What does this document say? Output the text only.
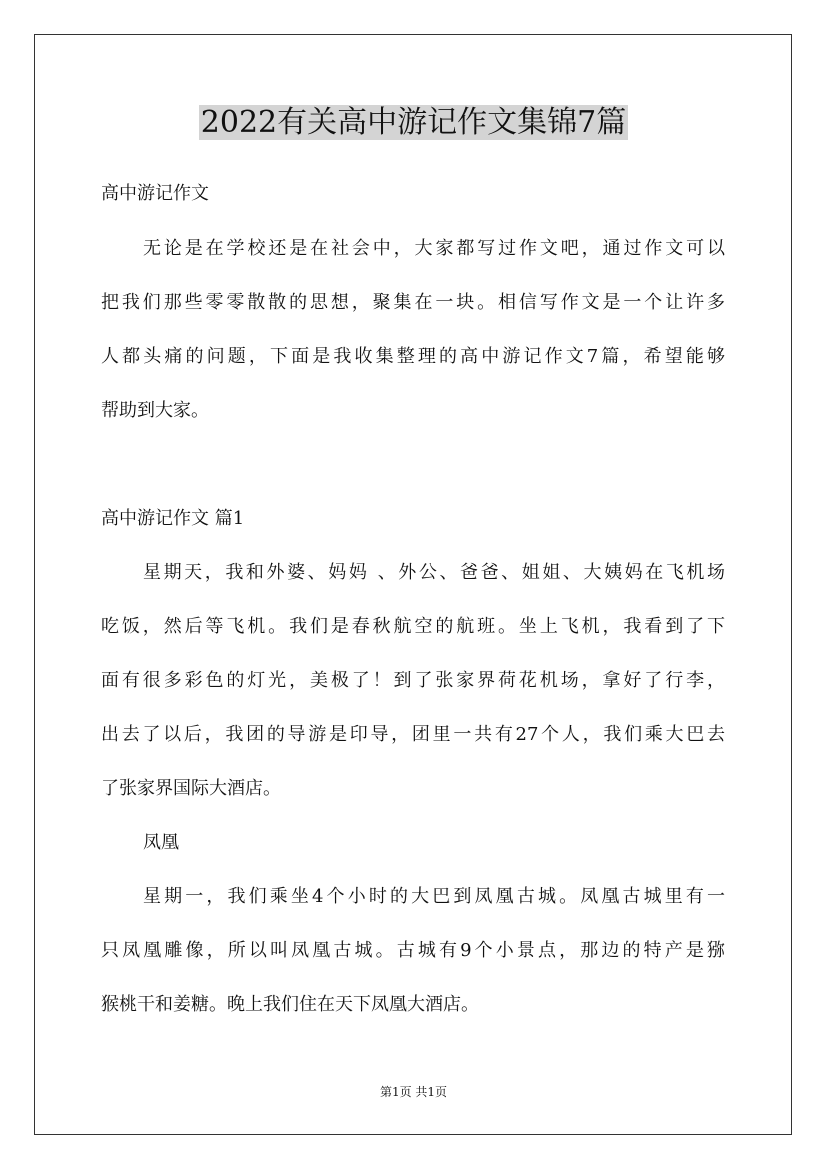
2022有关高中游记作文集锦7篇

高中游记作文

无论是在学校还是在社会中，大家都写过作文吧，通过作文可以

把我们那些零零散散的思想，聚集在一块。相信写作文是一个让许多

人都头痛的问题，下面是我收集整理的高中游记作文7篇，希望能够

帮助到大家。

高中游记作文 篇1

星期天，我和外婆、妈妈 、外公、爸爸、姐姐、大姨妈在飞机场

吃饭，然后等飞机。我们是春秋航空的航班。坐上飞机，我看到了下

面有很多彩色的灯光，美极了！到了张家界荷花机场，拿好了行李，

出去了以后，我团的导游是印导，团里一共有27个人，我们乘大巴去

了张家界国际大酒店。

凤凰

星期一，我们乘坐4个小时的大巴到凤凰古城。凤凰古城里有一

只凤凰雕像，所以叫凤凰古城。古城有9个小景点，那边的特产是猕

猴桃干和姜糖。晚上我们住在天下凤凰大酒店。

第1页 共1页
